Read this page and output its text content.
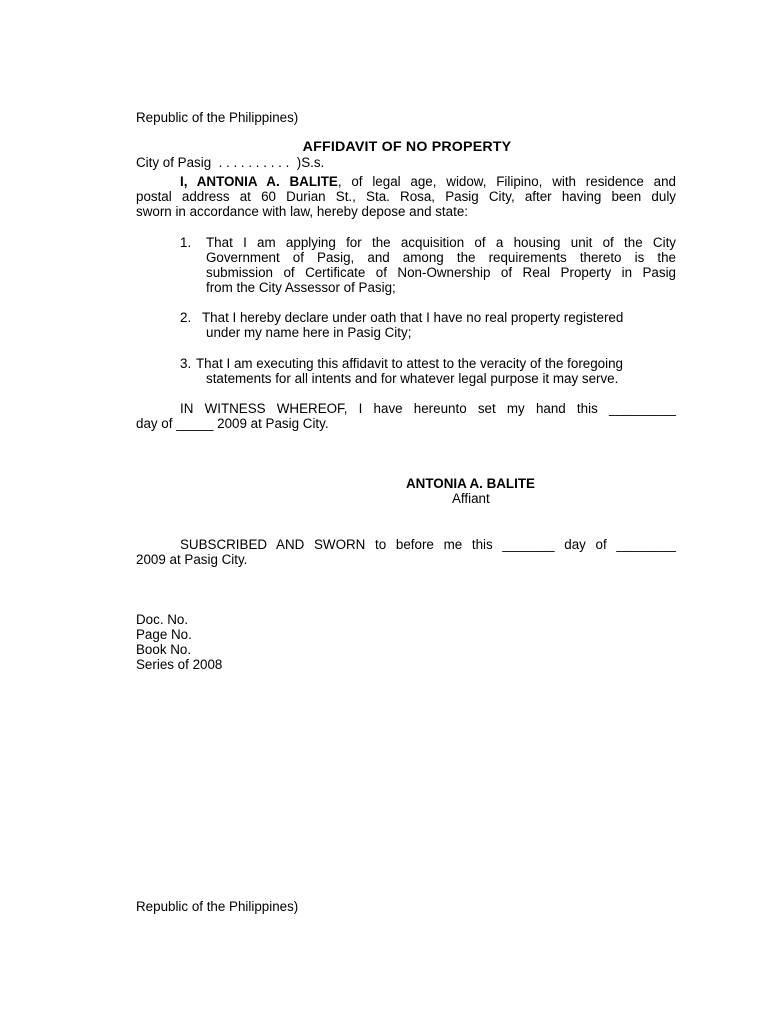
Republic of the Philippines)

City of Pasig  . . . . . . . . . .  )S.s.

AFFIDAVIT OF NO PROPERTY
I, ANTONIA A. BALITE, of legal age, widow, Filipino, with residence and
postal address at 60 Durian St., Sta. Rosa, Pasig City, after having been duly
sworn in accordance with law, hereby depose and state:
1. That I am applying for the acquisition of a housing unit of the City
Government of Pasig, and among the requirements thereto is the
submission of Certificate of Non-Ownership of Real Property in Pasig
from the City Assessor of Pasig;
2. That I hereby declare under oath that I have no real property registered
under my name here in Pasig City;
3. That I am executing this affidavit to attest to the veracity of the foregoing
statements for all intents and for whatever legal purpose it may serve.
IN WITNESS WHEREOF, I have hereunto set my hand this _________
day of _____ 2009 at Pasig City.
ANTONIA A. BALITE
Affiant
SUBSCRIBED AND SWORN to before me this _______ day of ________
2009 at Pasig City.
Doc. No.
Page No.
Book No.
Series of 2008
Republic of the Philippines)
